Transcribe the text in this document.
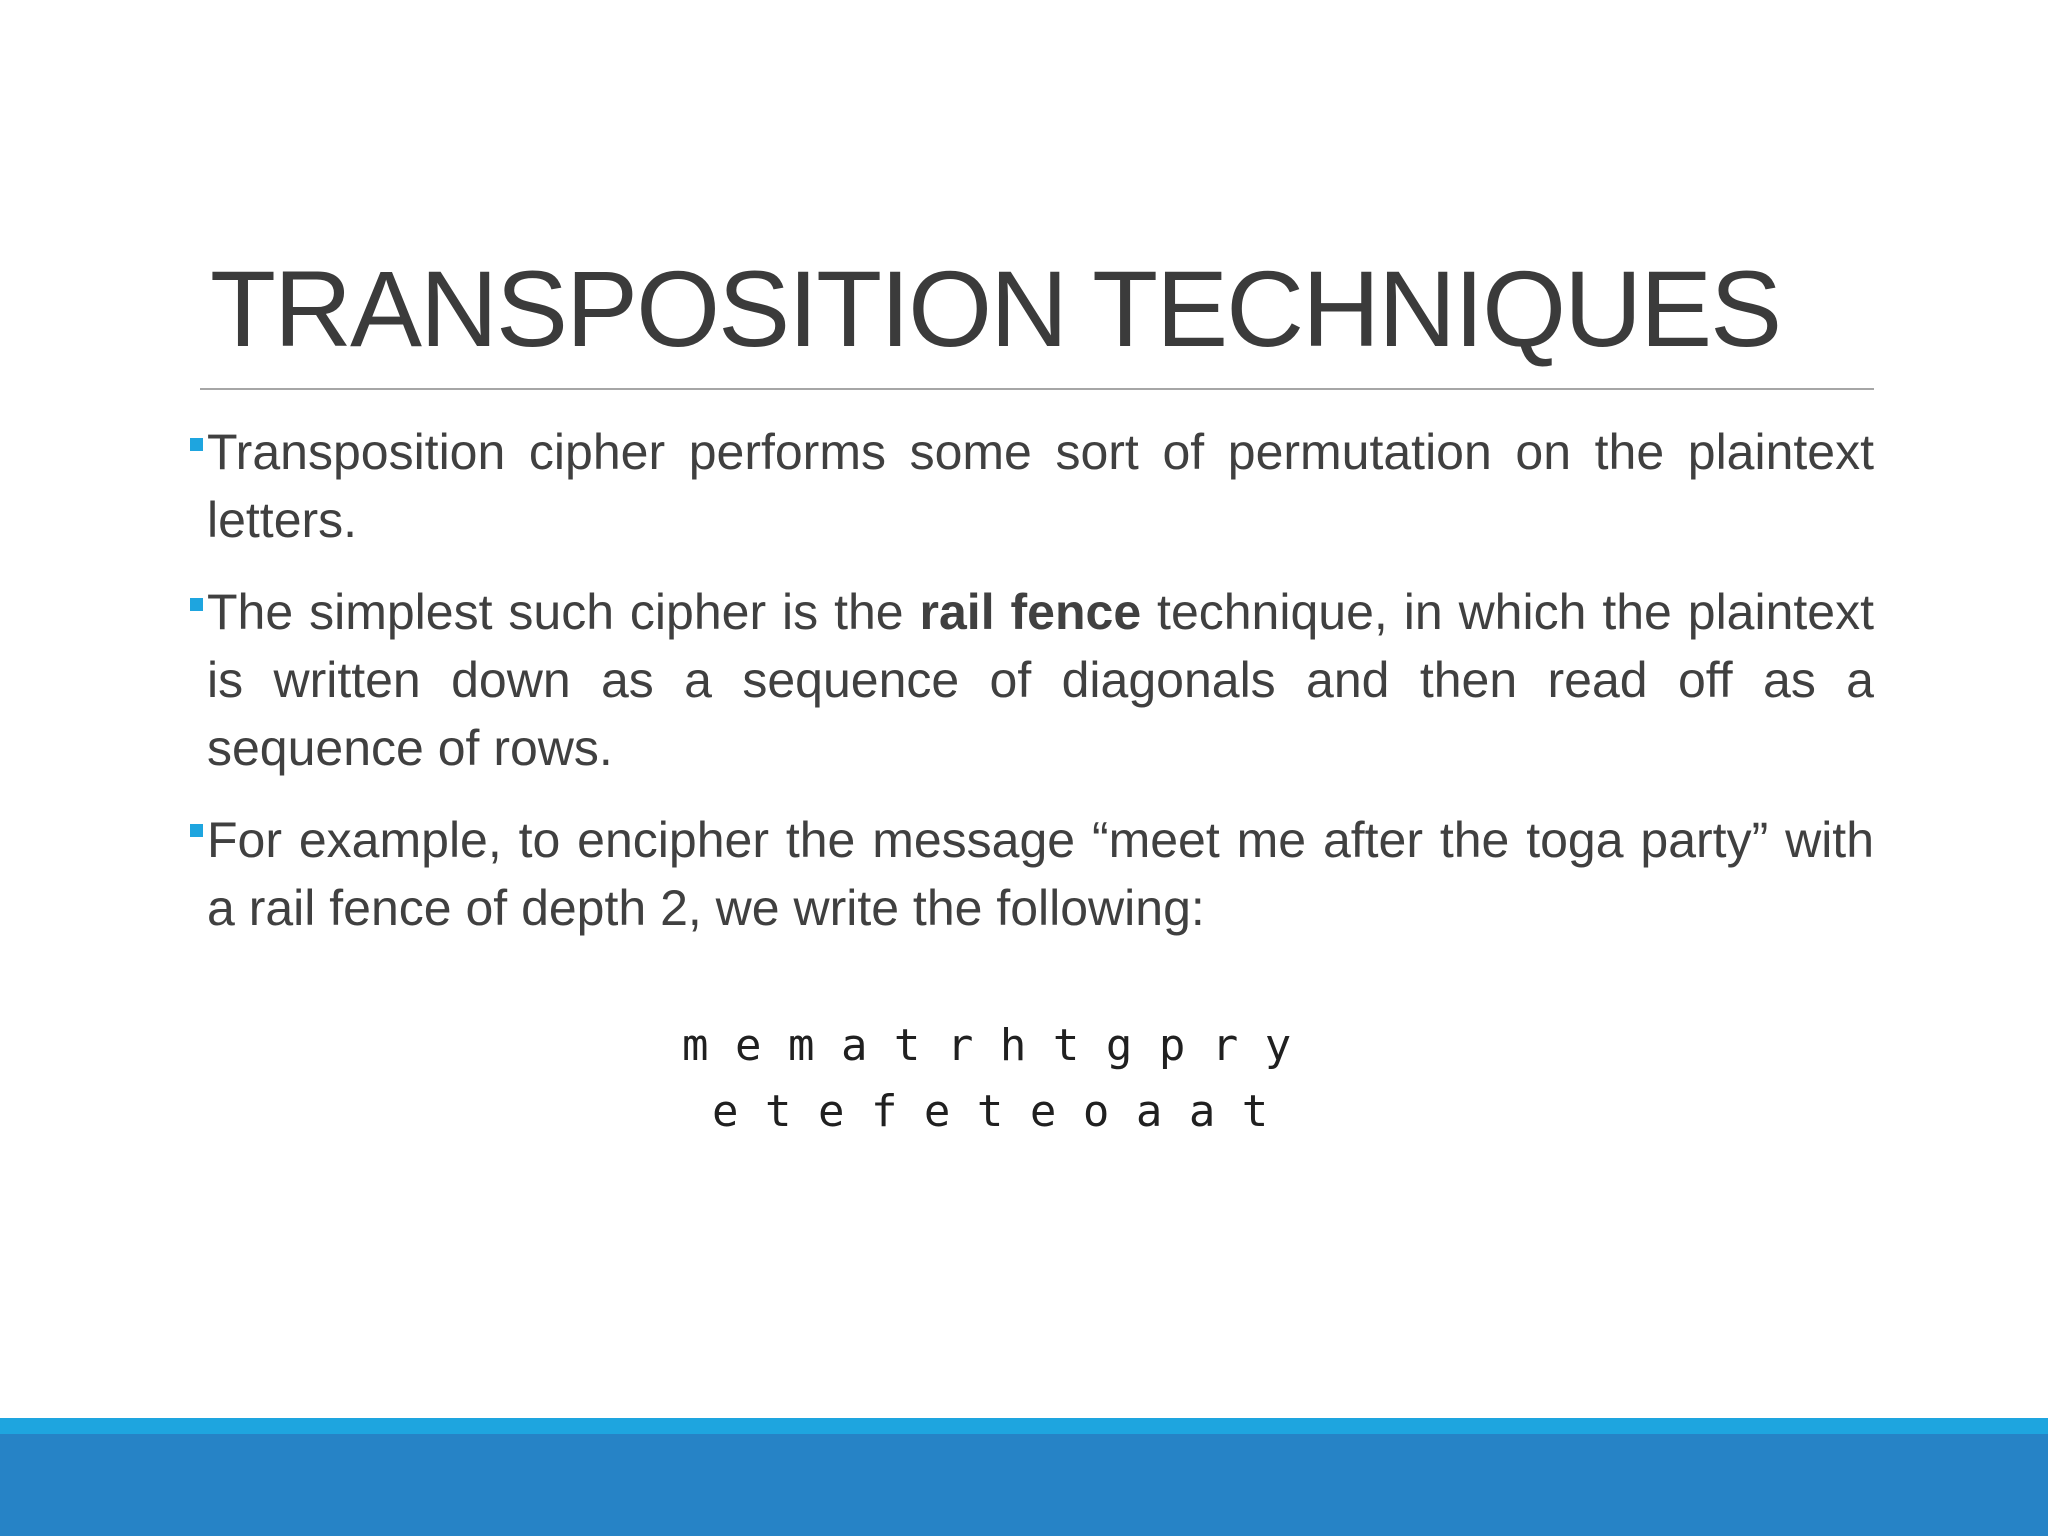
TRANSPOSITION TECHNIQUES

Transposition cipher performs some sort of permutation on the plaintext letters.

The simplest such cipher is the rail fence technique, in which the plaintext is written down as a sequence of diagonals and then read off as a sequence of rows.

For example, to encipher the message “meet me after the toga party” with a rail fence of depth 2, we write the following:

m e m a t r h t g p r y
e t e f e t e o a a t
